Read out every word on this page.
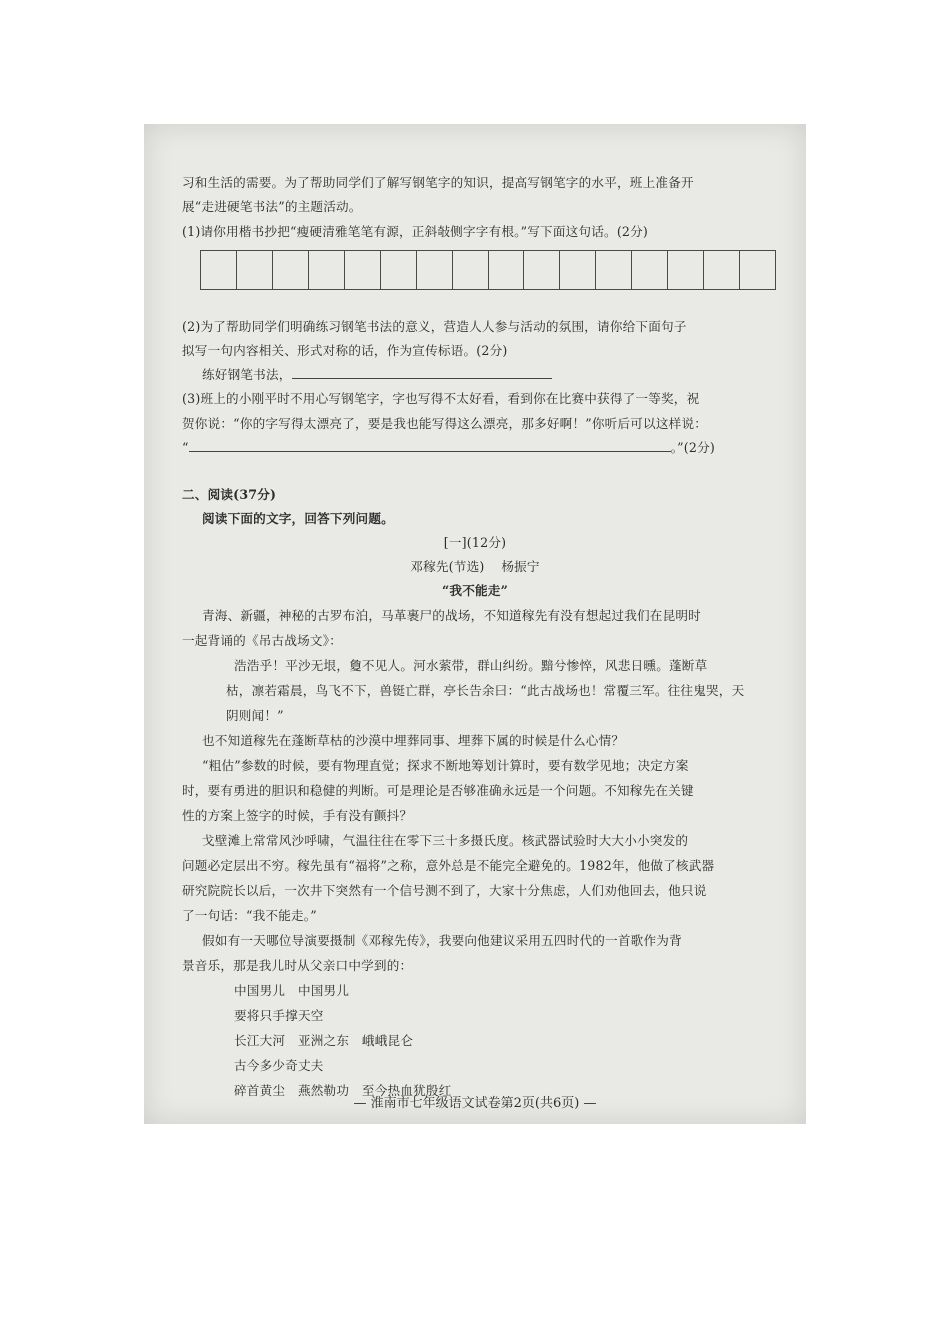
习和生活的需要。为了帮助同学们了解写钢笔字的知识，提高写钢笔字的水平，班上准备开
展“走进硬笔书法”的主题活动。
(1)请你用楷书抄把“瘦硬清雅笔笔有源，正斜敧侧字字有根。”写下面这句话。(2分)
(2)为了帮助同学们明确练习钢笔书法的意义，营造人人参与活动的氛围，请你给下面句子
拟写一句内容相关、形式对称的话，作为宣传标语。(2分)
练好钢笔书法，
(3)班上的小刚平时不用心写钢笔字，字也写得不太好看，看到你在比赛中获得了一等奖，祝
贺你说：“你的字写得太漂亮了，要是我也能写得这么漂亮，那多好啊！”你听后可以这样说：
“	。”(2分)
二、阅读(37分)
阅读下面的文字，回答下列问题。
[一](12分)
邓稼先(节选) 杨振宁
“我不能走”
青海、新疆，神秘的古罗布泊，马革裹尸的战场，不知道稼先有没有想起过我们在昆明时
一起背诵的《吊古战场文》：
浩浩乎！平沙无垠，敻不见人。河水萦带，群山纠纷。黯兮惨悴，风悲日曛。蓬断草
枯，凛若霜晨，鸟飞不下，兽铤亡群，亭长告余曰：“此古战场也！常覆三军。往往鬼哭，天
阴则闻！”
也不知道稼先在蓬断草枯的沙漠中埋葬同事、埋葬下属的时候是什么心情？
“粗估”参数的时候，要有物理直觉；探求不断地筹划计算时，要有数学见地；决定方案
时，要有勇进的胆识和稳健的判断。可是理论是否够准确永远是一个问题。不知稼先在关键
性的方案上签字的时候，手有没有颤抖？
戈壁滩上常常风沙呼啸，气温往往在零下三十多摄氏度。核武器试验时大大小小突发的
问题必定层出不穷。稼先虽有“福将”之称，意外总是不能完全避免的。1982年，他做了核武器
研究院院长以后，一次井下突然有一个信号测不到了，大家十分焦虑，人们劝他回去，他只说
了一句话：“我不能走。”
假如有一天哪位导演要摄制《邓稼先传》，我要向他建议采用五四时代的一首歌作为背
景音乐，那是我儿时从父亲口中学到的：
中国男儿　中国男儿
要将只手撑天空
长江大河　亚洲之东　峨峨昆仑
古今多少奇丈夫
碎首黄尘　燕然勒功　至今热血犹殷红
— 淮南市七年级语文试卷第2页(共6页) —
